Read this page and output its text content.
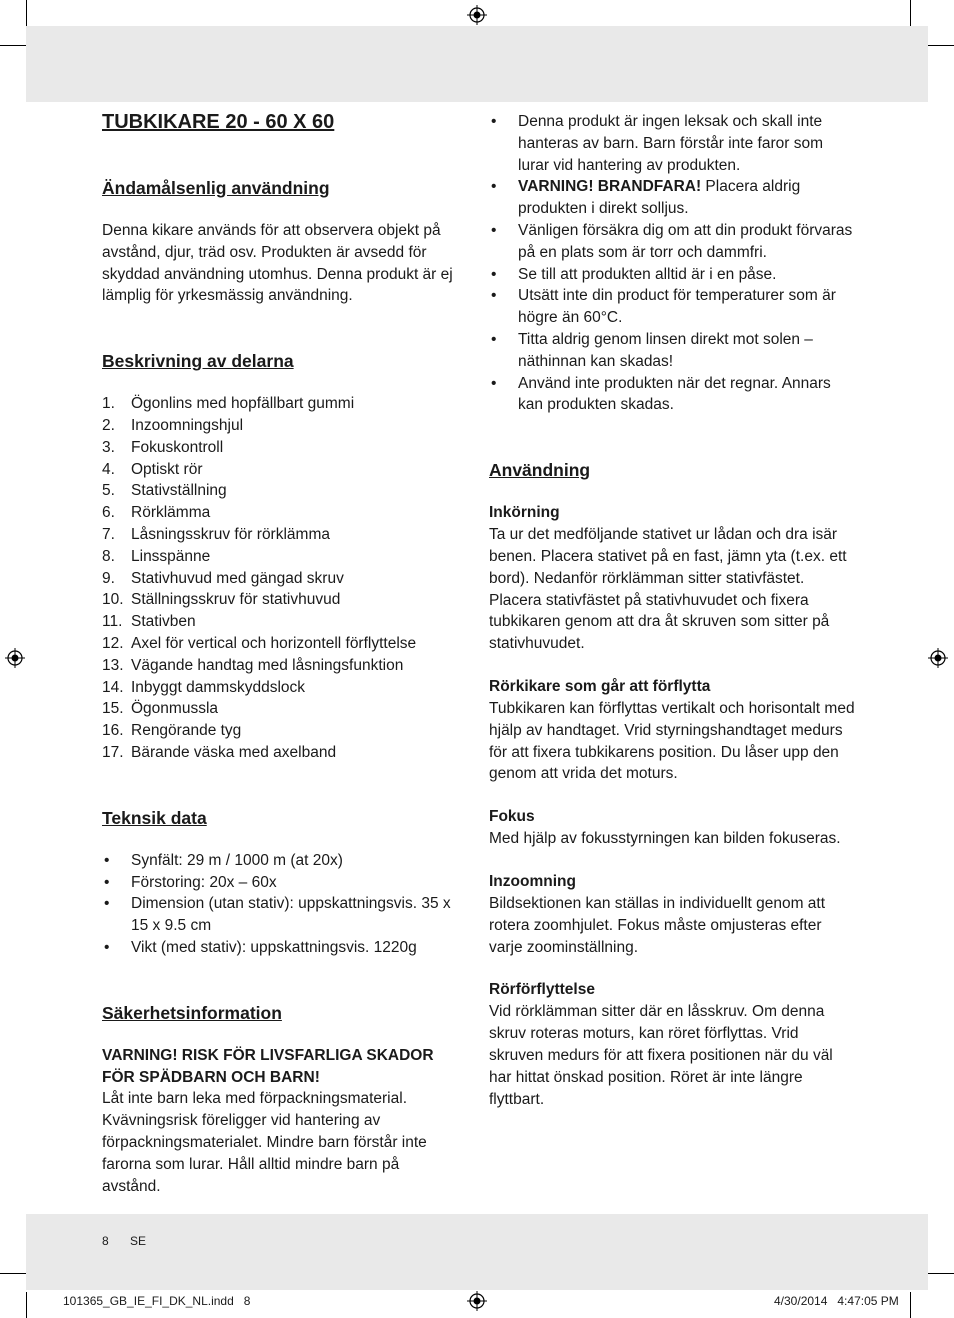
TUBKIKARE 20 - 60 X 60
Ändamålsenlig användning

Denna kikare används för att observera objekt på avstånd, djur, träd osv. Produkten är avsedd för skyddad användning utomhus. Denna produkt är ej lämplig för yrkesmässig användning.

Beskrivning av delarna
1. Ögonlins med hopfällbart gummi
2. Inzoomningshjul
3. Fokuskontroll
4. Optiskt rör
5. Stativställning
6. Rörklämma
7. Låsningsskruv för rörklämma
8. Linsspänne
9. Stativhuvud med gängad skruv
10. Ställningsskruv för stativhuvud
11. Stativben
12. Axel för vertical och horizontell förflyttelse
13. Vägande handtag med låsningsfunktion
14. Inbyggt dammskyddslock
15. Ögonmussla
16. Rengörande tyg
17. Bärande väska med axelband
Teknsik data
• Synfält: 29 m / 1000 m (at 20x)
• Förstoring: 20x – 60x
• Dimension (utan stativ): uppskattningsvis. 35 x 15 x 9.5 cm
• Vikt (med stativ): uppskattningsvis. 1220g
Säkerhetsinformation
VARNING! RISK FÖR LIVSFARLIGA SKADOR FÖR SPÄDBARN OCH BARN!

Låt inte barn leka med förpackningsmaterial. Kvävningsrisk föreligger vid hantering av förpackningsmaterialet. Mindre barn förstår inte farorna som lurar. Håll alltid mindre barn på avstånd.

• Denna produkt är ingen leksak och skall inte hanteras av barn. Barn förstår inte faror som lurar vid hantering av produkten.
• VARNING! BRANDFARA! Placera aldrig produkten i direkt solljus.
• Vänligen försäkra dig om att din produkt förvaras på en plats som är torr och dammfri.
• Se till att produkten alltid är i en påse.
• Utsätt inte din product för temperaturer som är högre än 60°C.
• Titta aldrig genom linsen direkt mot solen – näthinnan kan skadas!
• Använd inte produkten när det regnar. Annars kan produkten skadas.
Användning
Inkörning

Ta ur det medföljande stativet ur lådan och dra isär benen. Placera stativet på en fast, jämn yta (t.ex. ett bord). Nedanför rörklämman sitter stativfästet. Placera stativfästet på stativhuvudet och fixera tubkikaren genom att dra åt skruven som sitter på stativhuvudet.

Rörkikare som går att förflytta

Tubkikaren kan förflyttas vertikalt och horisontalt med hjälp av handtaget. Vrid styrningshandtaget medurs för att fixera tubkikarens position. Du låser upp den genom att vrida det moturs.

Fokus

Med hjälp av fokusstyrningen kan bilden fokuseras.

Inzoomning

Bildsektionen kan ställas in individuellt genom att rotera zoomhjulet. Fokus måste omjusteras efter varje zoominställning.

Rörförflyttelse

Vid rörklämman sitter där en låsskruv. Om denna skruv roteras moturs, kan röret förflyttas. Vrid skruven medurs för att fixera positionen när du väl har hittat önskad position. Röret är inte längre flyttbart.

8 SE
101365_GB_IE_FI_DK_NL.indd   8	4/30/2014   4:47:05 PM
